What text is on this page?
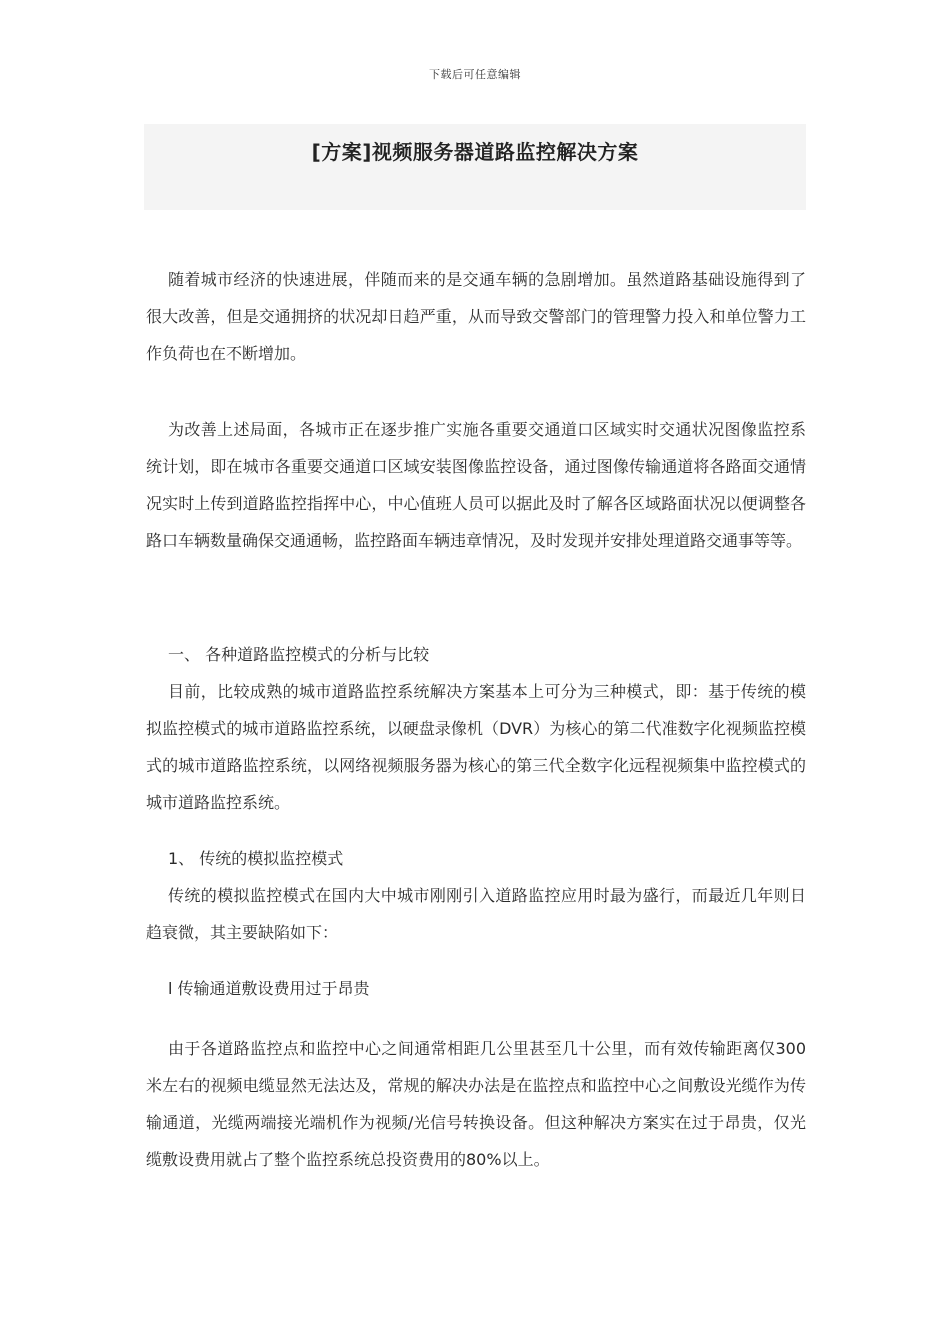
下载后可任意编辑
[方案]视频服务器道路监控解决方案

随着城市经济的快速进展，伴随而来的是交通车辆的急剧增加。虽然道路基础设施得到了很大改善，但是交通拥挤的状况却日趋严重，从而导致交警部门的管理警力投入和单位警力工作负荷也在不断增加。

为改善上述局面，各城市正在逐步推广实施各重要交通道口区域实时交通状况图像监控系统计划，即在城市各重要交通道口区域安装图像监控设备，通过图像传输通道将各路面交通情况实时上传到道路监控指挥中心，中心值班人员可以据此及时了解各区域路面状况以便调整各路口车辆数量确保交通通畅，监控路面车辆违章情况，及时发现并安排处理道路交通事等等。

一、 各种道路监控模式的分析与比较

目前，比较成熟的城市道路监控系统解决方案基本上可分为三种模式，即：基于传统的模拟监控模式的城市道路监控系统，以硬盘录像机（DVR）为核心的第二代准数字化视频监控模式的城市道路监控系统，以网络视频服务器为核心的第三代全数字化远程视频集中监控模式的城市道路监控系统。

1、 传统的模拟监控模式

传统的模拟监控模式在国内大中城市刚刚引入道路监控应用时最为盛行，而最近几年则日趋衰微，其主要缺陷如下：

l 传输通道敷设费用过于昂贵

由于各道路监控点和监控中心之间通常相距几公里甚至几十公里，而有效传输距离仅300米左右的视频电缆显然无法达及，常规的解决办法是在监控点和监控中心之间敷设光缆作为传输通道，光缆两端接光端机作为视频/光信号转换设备。但这种解决方案实在过于昂贵，仅光缆敷设费用就占了整个监控系统总投资费用的80%以上。
